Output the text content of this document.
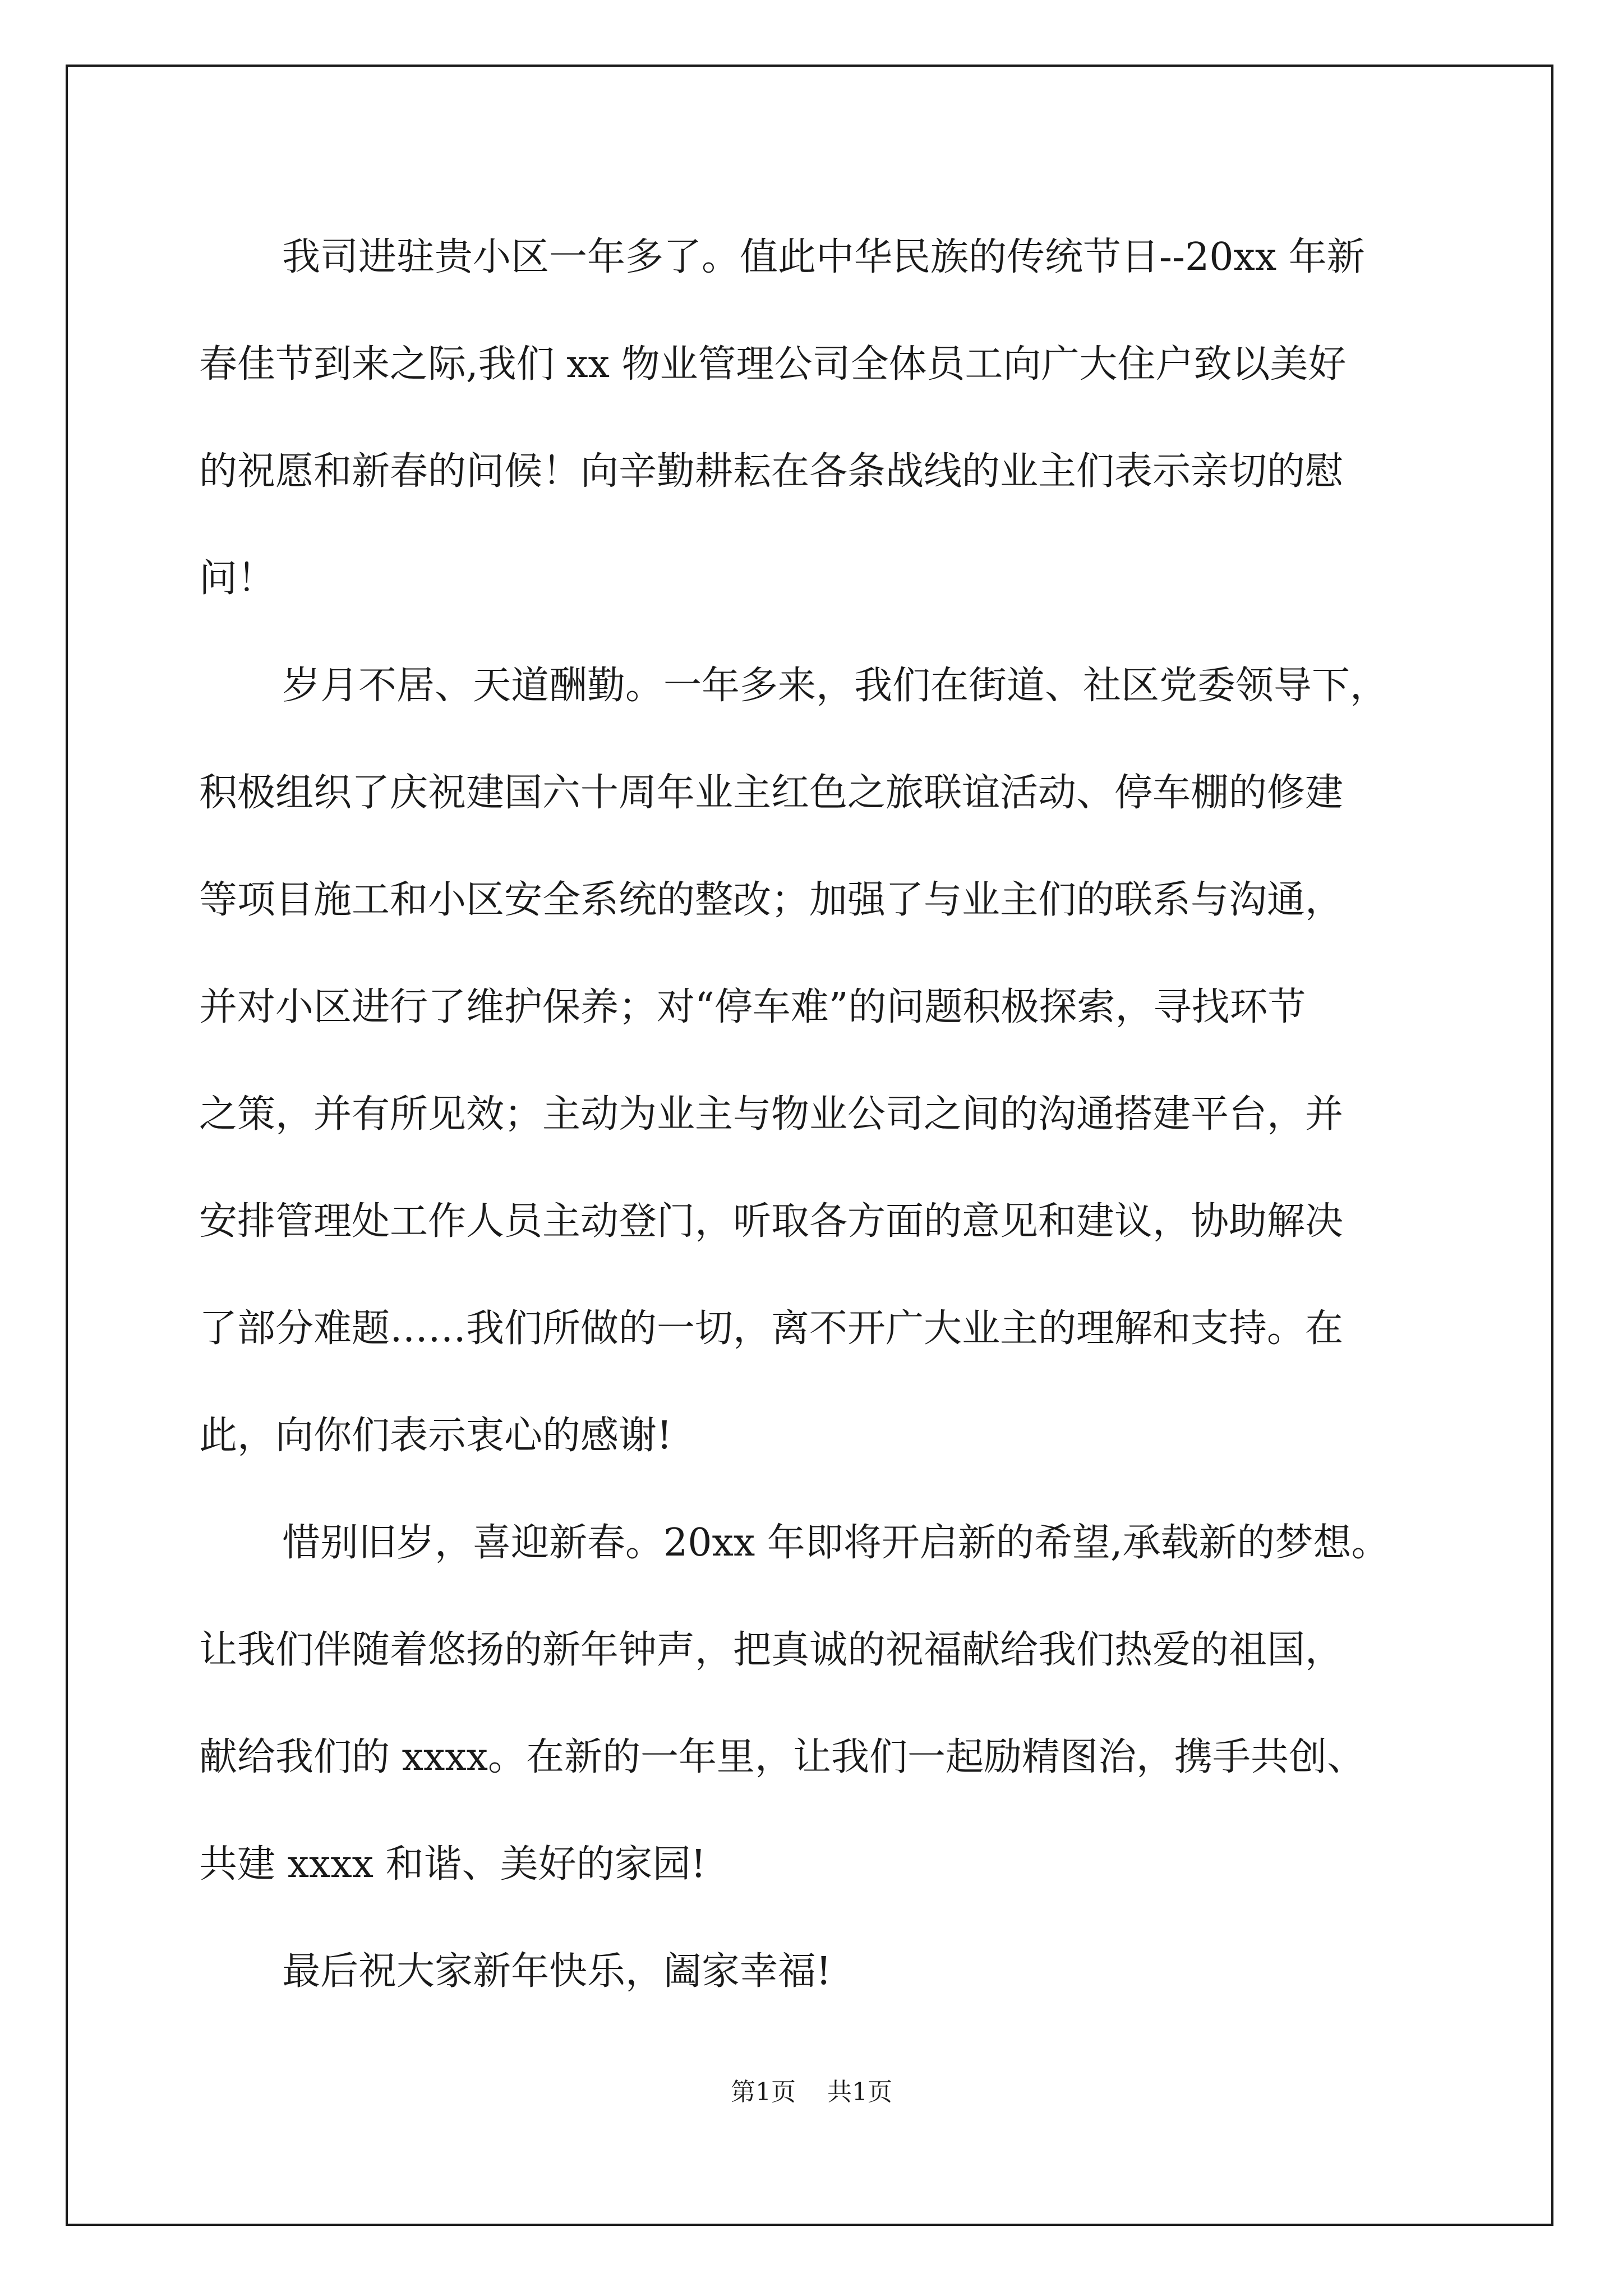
我司进驻贵小区一年多了。值此中华民族的传统节日--20xx 年新
春佳节到来之际,我们 xx 物业管理公司全体员工向广大住户致以美好
的祝愿和新春的问候！向辛勤耕耘在各条战线的业主们表示亲切的慰
问！
岁月不居、天道酬勤。一年多来，我们在街道、社区党委领导下，
积极组织了庆祝建国六十周年业主红色之旅联谊活动、停车棚的修建
等项目施工和小区安全系统的整改；加强了与业主们的联系与沟通，
并对小区进行了维护保养；对“停车难”的问题积极探索，寻找环节
之策，并有所见效；主动为业主与物业公司之间的沟通搭建平台，并
安排管理处工作人员主动登门，听取各方面的意见和建议，协助解决
了部分难题……我们所做的一切，离不开广大业主的理解和支持。在
此，向你们表示衷心的感谢!
惜别旧岁，喜迎新春。20xx 年即将开启新的希望,承载新的梦想。
让我们伴随着悠扬的新年钟声，把真诚的祝福献给我们热爱的祖国，
献给我们的 xxxx。在新的一年里，让我们一起励精图治，携手共创、
共建 xxxx 和谐、美好的家园!
最后祝大家新年快乐，阖家幸福!
第1页 共1页
